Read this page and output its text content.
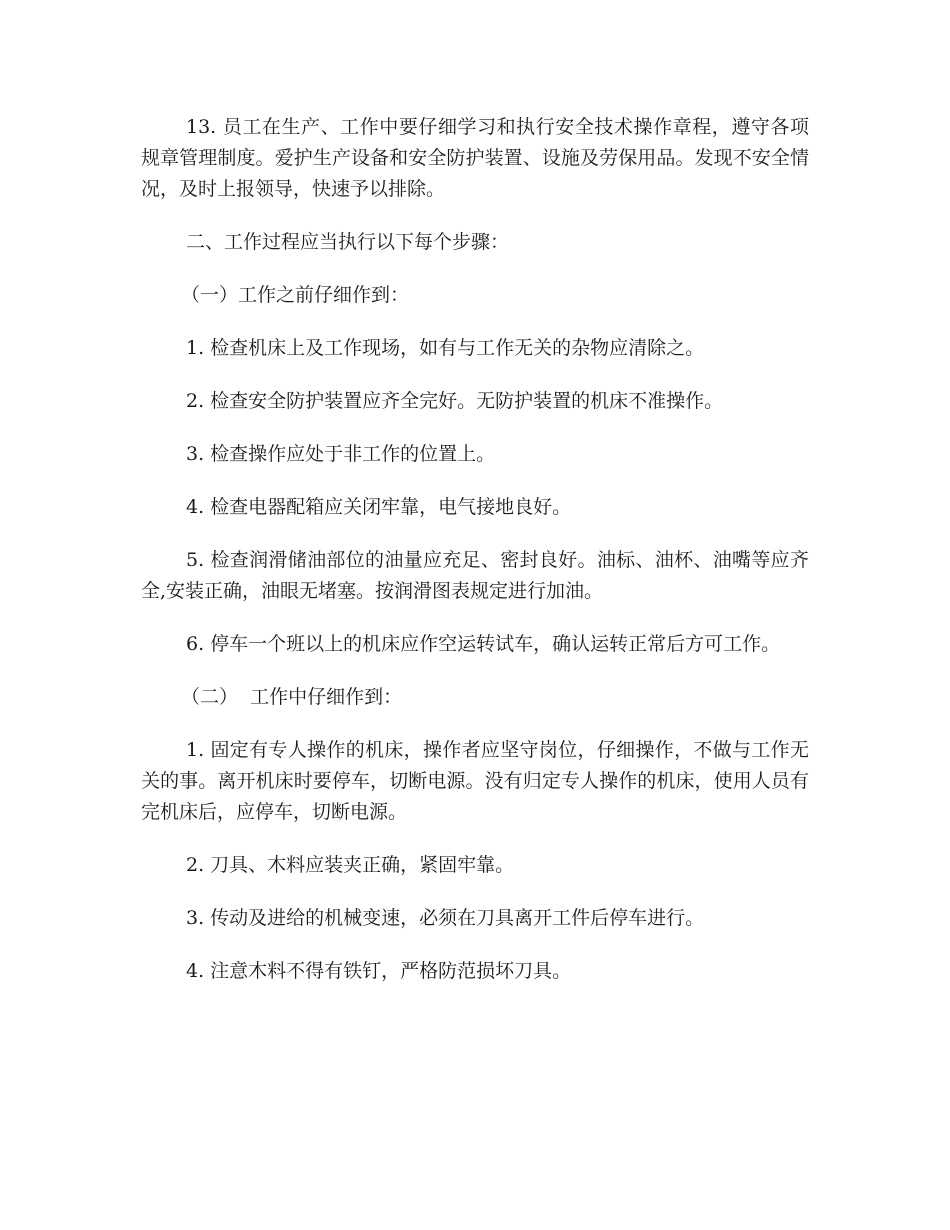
13. 员工在生产、工作中要仔细学习和执行安全技术操作章程，遵守各项规章管理制度。爱护生产设备和安全防护装置、设施及劳保用品。发现不安全情况，及时上报领导，快速予以排除。

二、工作过程应当执行以下每个步骤：

（一）工作之前仔细作到：

1. 检查机床上及工作现场，如有与工作无关的杂物应清除之。

2. 检查安全防护装置应齐全完好。无防护装置的机床不准操作。

3. 检查操作应处于非工作的位置上。

4. 检查电器配箱应关闭牢靠，电气接地良好。

5. 检查润滑储油部位的油量应充足、密封良好。油标、油杯、油嘴等应齐全,安装正确，油眼无堵塞。按润滑图表规定进行加油。

6. 停车一个班以上的机床应作空运转试车，确认运转正常后方可工作。

（二）  工作中仔细作到：

1. 固定有专人操作的机床，操作者应坚守岗位，仔细操作，不做与工作无关的事。离开机床时要停车，切断电源。没有归定专人操作的机床，使用人员有完机床后，应停车，切断电源。

2. 刀具、木料应装夹正确，紧固牢靠。

3. 传动及进给的机械变速，必须在刀具离开工件后停车进行。

4. 注意木料不得有铁钉，严格防范损坏刀具。
